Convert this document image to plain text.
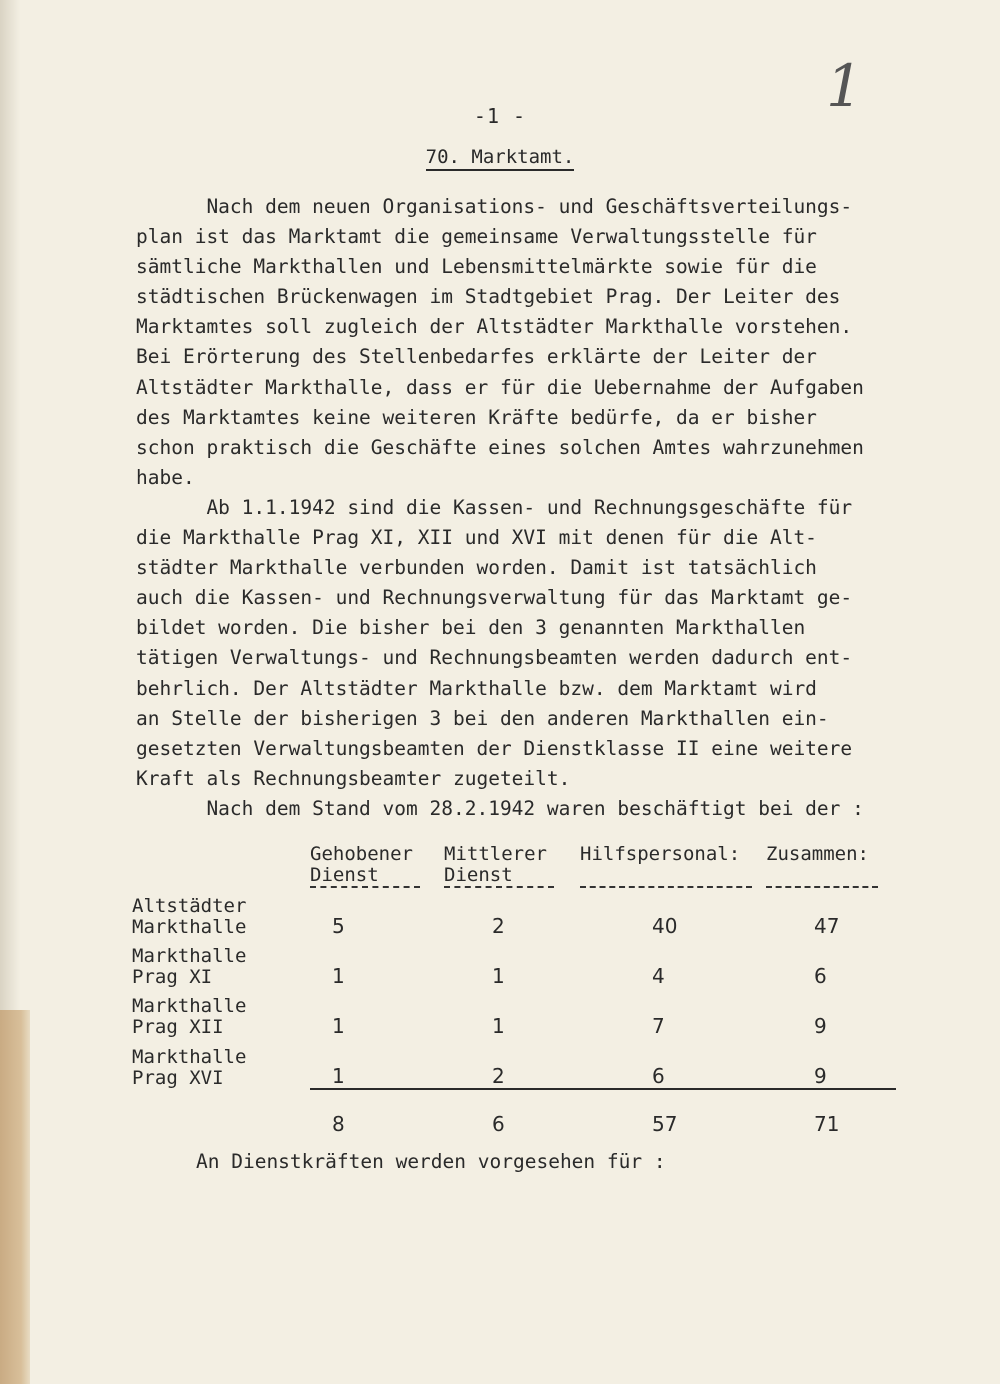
1
-1 -
70. Marktamt.
Nach dem neuen Organisations- und Geschäftsverteilungs-
plan ist das Marktamt die gemeinsame Verwaltungsstelle für
sämtliche Markthallen und Lebensmittelmärkte sowie für die
städtischen Brückenwagen im Stadtgebiet Prag. Der Leiter des
Marktamtes soll zugleich der Altstädter Markthalle vorstehen.
Bei Erörterung des Stellenbedarfes erklärte der Leiter der
Altstädter Markthalle, dass er für die Uebernahme der Aufgaben
des Marktamtes keine weiteren Kräfte bedürfe, da er bisher
schon praktisch die Geschäfte eines solchen Amtes wahrzunehmen
habe.
Ab 1.1.1942 sind die Kassen- und Rechnungsgeschäfte für
die Markthalle Prag XI, XII und XVI mit denen für die Alt-
städter Markthalle verbunden worden. Damit ist tatsächlich
auch die Kassen- und Rechnungsverwaltung für das Marktamt ge-
bildet worden. Die bisher bei den 3 genannten Markthallen
tätigen Verwaltungs- und Rechnungsbeamten werden dadurch ent-
behrlich. Der Altstädter Markthalle bzw. dem Marktamt wird
an Stelle der bisherigen 3 bei den anderen Markthallen ein-
gesetzten Verwaltungsbeamten der Dienstklasse II eine weitere
Kraft als Rechnungsbeamter zugeteilt.
Nach dem Stand vom 28.2.1942 waren beschäftigt bei der :
	Gehobener
Dienst	Mittlerer
Dienst	Hilfspersonal:	Zusammen:

Altstädter
Markthalle	5	2	40	47
Markthalle
Prag XI	1	1	4	6
Markthalle
Prag XII	1	1	7	9
Markthalle
Prag XVI	1	2	6	9
	8	6	57	71
An Dienstkräften werden vorgesehen für :
